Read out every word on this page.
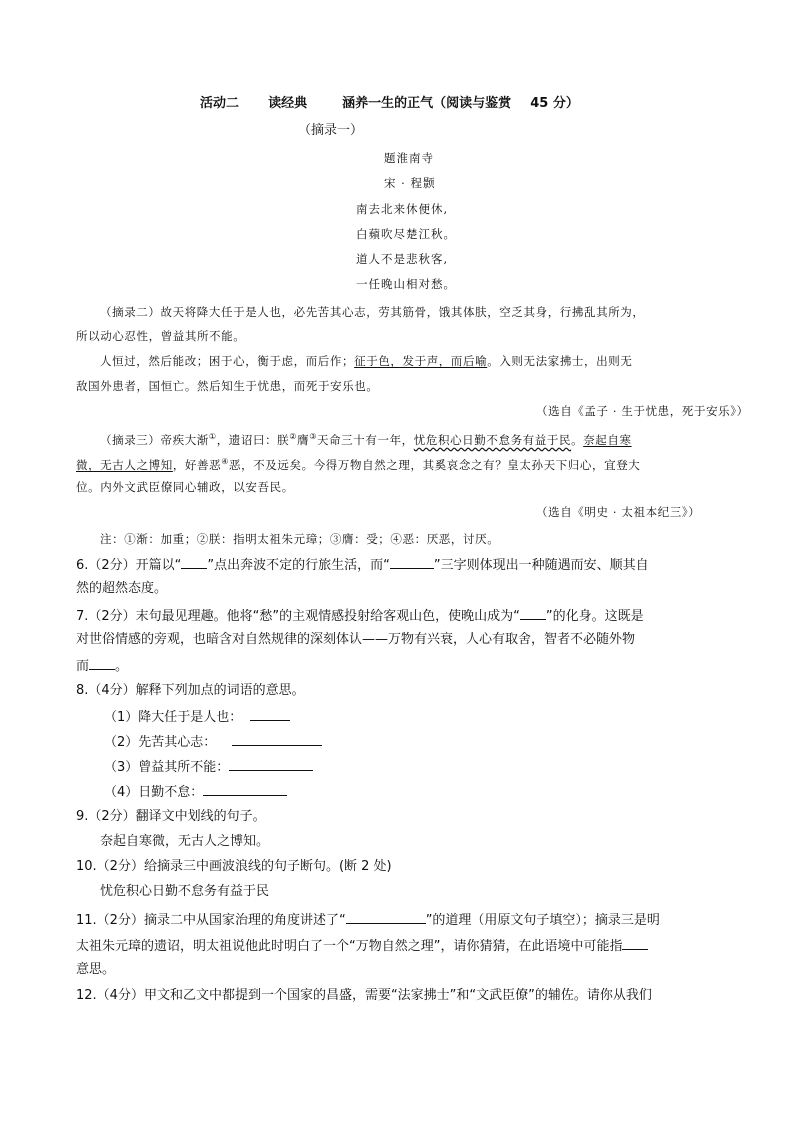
活动二 读经典	涵养一生的正气（阅读与鉴赏 45 分）
（摘录一）
题淮南寺
宋 · 程颢
南去北来休便休,
白蘋吹尽楚江秋。
道人不是悲秋客,
一任晚山相对愁。
（摘录二）故天将降大任于是人也，必先苦其心志，劳其筋骨，饿其体肤，空乏其身，行拂乱其所为，
所以动心忍性，曾益其所不能。
人恒过，然后能改；困于心，衡于虑，而后作；征于色，发于声，而后喻。入则无法家拂士，出则无
敌国外患者，国恒亡。然后知生于忧患，而死于安乐也。
（选自《孟子 · 生于忧患，死于安乐》）
（摘录三）帝疾大渐①，遗诏曰：朕②膺③天命三十有一年，忧危积心日勤不怠务有益于民。奈起自寒
微，无古人之博知，好善恶④恶，不及远矣。今得万物自然之理，其奚哀念之有？皇太孙天下归心，宜登大
位。内外文武臣僚同心辅政，以安吾民。
（选自《明史 · 太祖本纪三》）
注：①渐：加重；②朕：指明太祖朱元璋；③膺：受；④恶：厌恶，讨厌。
6.（2分）开篇以“ ”点出奔波不定的行旅生活，而“	”三字则体现出一种随遇而安、顺其自
然的超然态度。
7.（2分）末句最见理趣。他将“愁”的主观情感投射给客观山色，使晚山成为“ ”的化身。这既是
对世俗情感的旁观，也暗含对自然规律的深刻体认——万物有兴衰，人心有取舍，智者不必随外物
而 。
8.（4分）解释下列加点的词语的意思。
（1）降大任于是人也：
（2）先苦其心志：
（3）曾益其所不能：
（4）日勤不怠：
9.（2分）翻译文中划线的句子。
奈起自寒微，无古人之博知。
10.（2分）给摘录三中画波浪线的句子断句。(断 2 处)
忧危积心日勤不怠务有益于民
11.（2分）摘录二中从国家治理的角度讲述了“	”的道理（用原文句子填空）；摘录三是明
太祖朱元璋的遗诏，明太祖说他此时明白了一个“万物自然之理”，请你猜猜，在此语境中可能指
意思。
12.（4分）甲文和乙文中都提到一个国家的昌盛，需要“法家拂士”和“文武臣僚”的辅佐。请你从我们
